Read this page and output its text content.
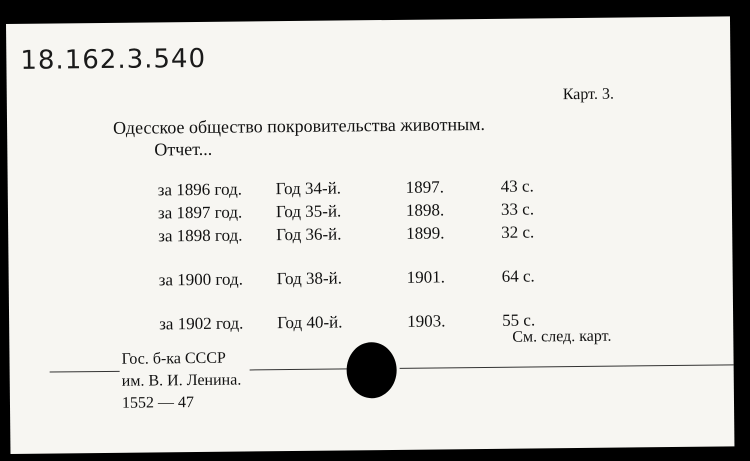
18.162.3.540
Карт. 3.
Одесское общество покровительства животным.
Отчет...
за 1896 год. Год 34-й.	1897.	43 с.
за 1897 год. Год 35-й.	1898.	33 с.
за 1898 год. Год 36-й.	1899.	32 с.
за 1900 год. Год 38-й.	1901.	64 с.
за 1902 год. Год 40-й.	1903.	55 с.
См. след. карт.
Гос. б-ка СССР
им. В. И. Ленина.
1552 — 47
